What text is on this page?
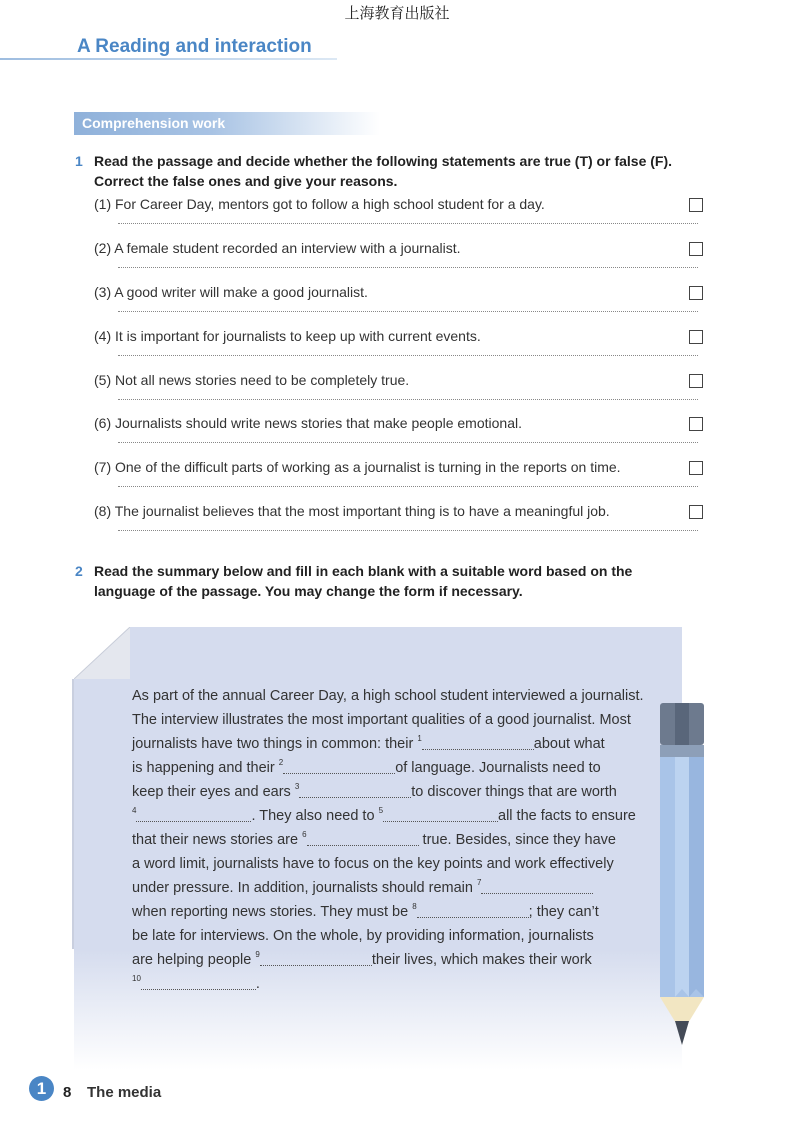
上海教育出版社
A Reading and interaction
Comprehension work
1 Read the passage and decide whether the following statements are true (T) or false (F).
Correct the false ones and give your reasons.
(1) For Career Day, mentors got to follow a high school student for a day.
(2) A female student recorded an interview with a journalist.
(3) A good writer will make a good journalist.
(4) It is important for journalists to keep up with current events.
(5) Not all news stories need to be completely true.
(6) Journalists should write news stories that make people emotional.
(7) One of the difficult parts of working as a journalist is turning in the reports on time.
(8) The journalist believes that the most important thing is to have a meaningful job.
2 Read the summary below and fill in each blank with a suitable word based on the
language of the passage. You may change the form if necessary.
As part of the annual Career Day, a high school student interviewed a journalist.
The interview illustrates the most important qualities of a good journalist. Most
journalists have two things in common: their $^1$	about what
is happening and their $^2$	of language. Journalists need to
keep their eyes and ears $^3$	to discover things that are worth
$^4$	. They also need to $^5$	all the facts to ensure
that their news stories are $^6$	true. Besides, since they have
a word limit, journalists have to focus on the key points and work effectively
under pressure. In addition, journalists should remain $^7$
when reporting news stories. They must be $^8$	; they can’t
be late for interviews. On the whole, by providing information, journalists
are helping people $^9$	their lives, which makes their work
$^{10}$	.
1	8 The media
